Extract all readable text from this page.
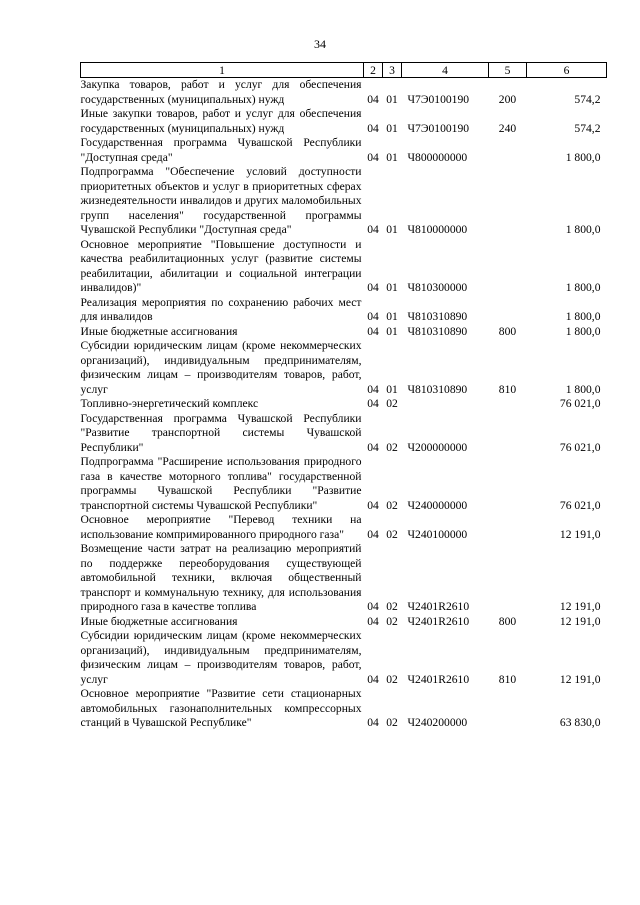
34
1	2	3	4	5	6
Закупка товаров, работ и услуг для обеспечения государственных (муниципальных) нужд	04	01	Ч7Э0100190	200	574,2
Иные закупки товаров, работ и услуг для обеспечения государственных (муниципальных) нужд	04	01	Ч7Э0100190	240	574,2
Государственная программа Чувашской Республики "Доступная среда"	04	01	Ч800000000		1 800,0
Подпрограмма "Обеспечение условий доступности приоритетных объектов и услуг в приоритетных сферах жизнедеятельности инвалидов и других маломобильных групп населения" государственной программы Чувашской Республики "Доступная среда"	04	01	Ч810000000		1 800,0
Основное мероприятие "Повышение доступности и качества реабилитационных услуг (развитие системы реабилитации, абилитации и социальной интеграции инвалидов)"	04	01	Ч810300000		1 800,0
Реализация мероприятия по сохранению рабочих мест для инвалидов	04	01	Ч810310890		1 800,0
Иные бюджетные ассигнования	04	01	Ч810310890	800	1 800,0
Субсидии юридическим лицам (кроме некоммерческих организаций), индивидуальным предпринимателям, физическим лицам – производителям товаров, работ, услуг	04	01	Ч810310890	810	1 800,0
Топливно-энергетический комплекс	04	02			76 021,0
Государственная программа Чувашской Республики "Развитие транспортной системы Чувашской Республики"	04	02	Ч200000000		76 021,0
Подпрограмма "Расширение использования природного газа в качестве моторного топлива" государственной программы Чувашской Республики "Развитие транспортной системы Чувашской Республики"	04	02	Ч240000000		76 021,0
Основное мероприятие "Перевод техники на использование компримированного природного газа"	04	02	Ч240100000		12 191,0
Возмещение части затрат на реализацию мероприятий по поддержке переоборудования существующей автомобильной техники, включая общественный транспорт и коммунальную технику, для использования природного газа в качестве топлива	04	02	Ч2401R2610		12 191,0
Иные бюджетные ассигнования	04	02	Ч2401R2610	800	12 191,0
Субсидии юридическим лицам (кроме некоммерческих организаций), индивидуальным предпринимателям, физическим лицам – производителям товаров, работ, услуг	04	02	Ч2401R2610	810	12 191,0
Основное мероприятие "Развитие сети стационарных автомобильных газонаполнительных компрессорных станций в Чувашской Республике"	04	02	Ч240200000		63 830,0
